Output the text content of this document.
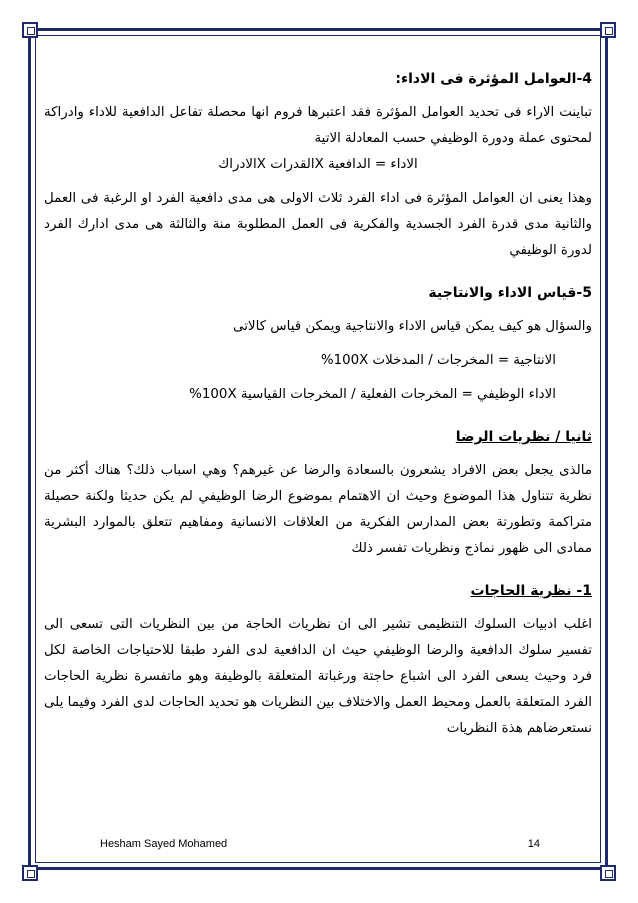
4-العوامل المؤثرة فى الاداء:

تباينت الاراء فى تحديد العوامل المؤثرة فقد اعتبرها فروم انها محصلة تفاعل الدافعية للاداء وادراكة لمحتوى عملة ودورة الوظيفي حسب المعادلة الاتية

الاداء = الدافعية Xالقدرات Xالادراك

وهذا يعنى ان العوامل المؤثرة فى اداء الفرد ثلاث الاولى هى مدى دافعية الفرد او الرغبة فى العمل والثانية مدى قدرة الفرد الجسدية والفكرية فى العمل المطلوبة منة والثالثة هى مدى ادارك الفرد لدورة الوظيفي

5-قياس الاداء والانتاجية

والسؤال هو كيف يمكن قياس الاداء والانتاجية ويمكن قياس كالاتى

الانتاجية = المخرجات / المدخلات 100X%

الاداء الوظيفي = المخرجات الفعلية / المخرجات القياسية 100X%

ثانيا / نظريات الرضا

مالذى يجعل بعض الافراد يشعرون بالسعادة والرضا عن غيرهم؟ وهي اسباب ذلك؟ هناك أكثر من نظرية تتناول هذا الموضوع وحيث ان الاهتمام بموضوع الرضا الوظيفي لم يكن حديثا ولكنة حصيلة متراكمة وتطورتة بعض المدارس الفكرية من العلاقات الانسانية ومفاهيم تتعلق بالموارد البشرية ممادى الى ظهور نماذج ونظريات تفسر ذلك

1- نظرية الحاجات

اغلب ادبيات السلوك التنظيمى تشير الى ان نظريات الحاجة من بين النظريات التى تسعى الى تفسير سلوك الدافعية والرضا الوظيفي حيث ان الدافعية لدى الفرد طبقا للاحتياجات الخاصة لكل فرد وحيث يسعى الفرد الى اشباع حاجتة ورغباتة المتعلقة بالوظيفة وهو ماتفسرة نظرية الحاجات الفرد المتعلقة بالعمل ومحيط العمل والاختلاف بين النظريات هو تحديد الحاجات لدى الفرد وفيما يلى نستعرضاهم هذة النظريات

Hesham Sayed Mohamed	14
